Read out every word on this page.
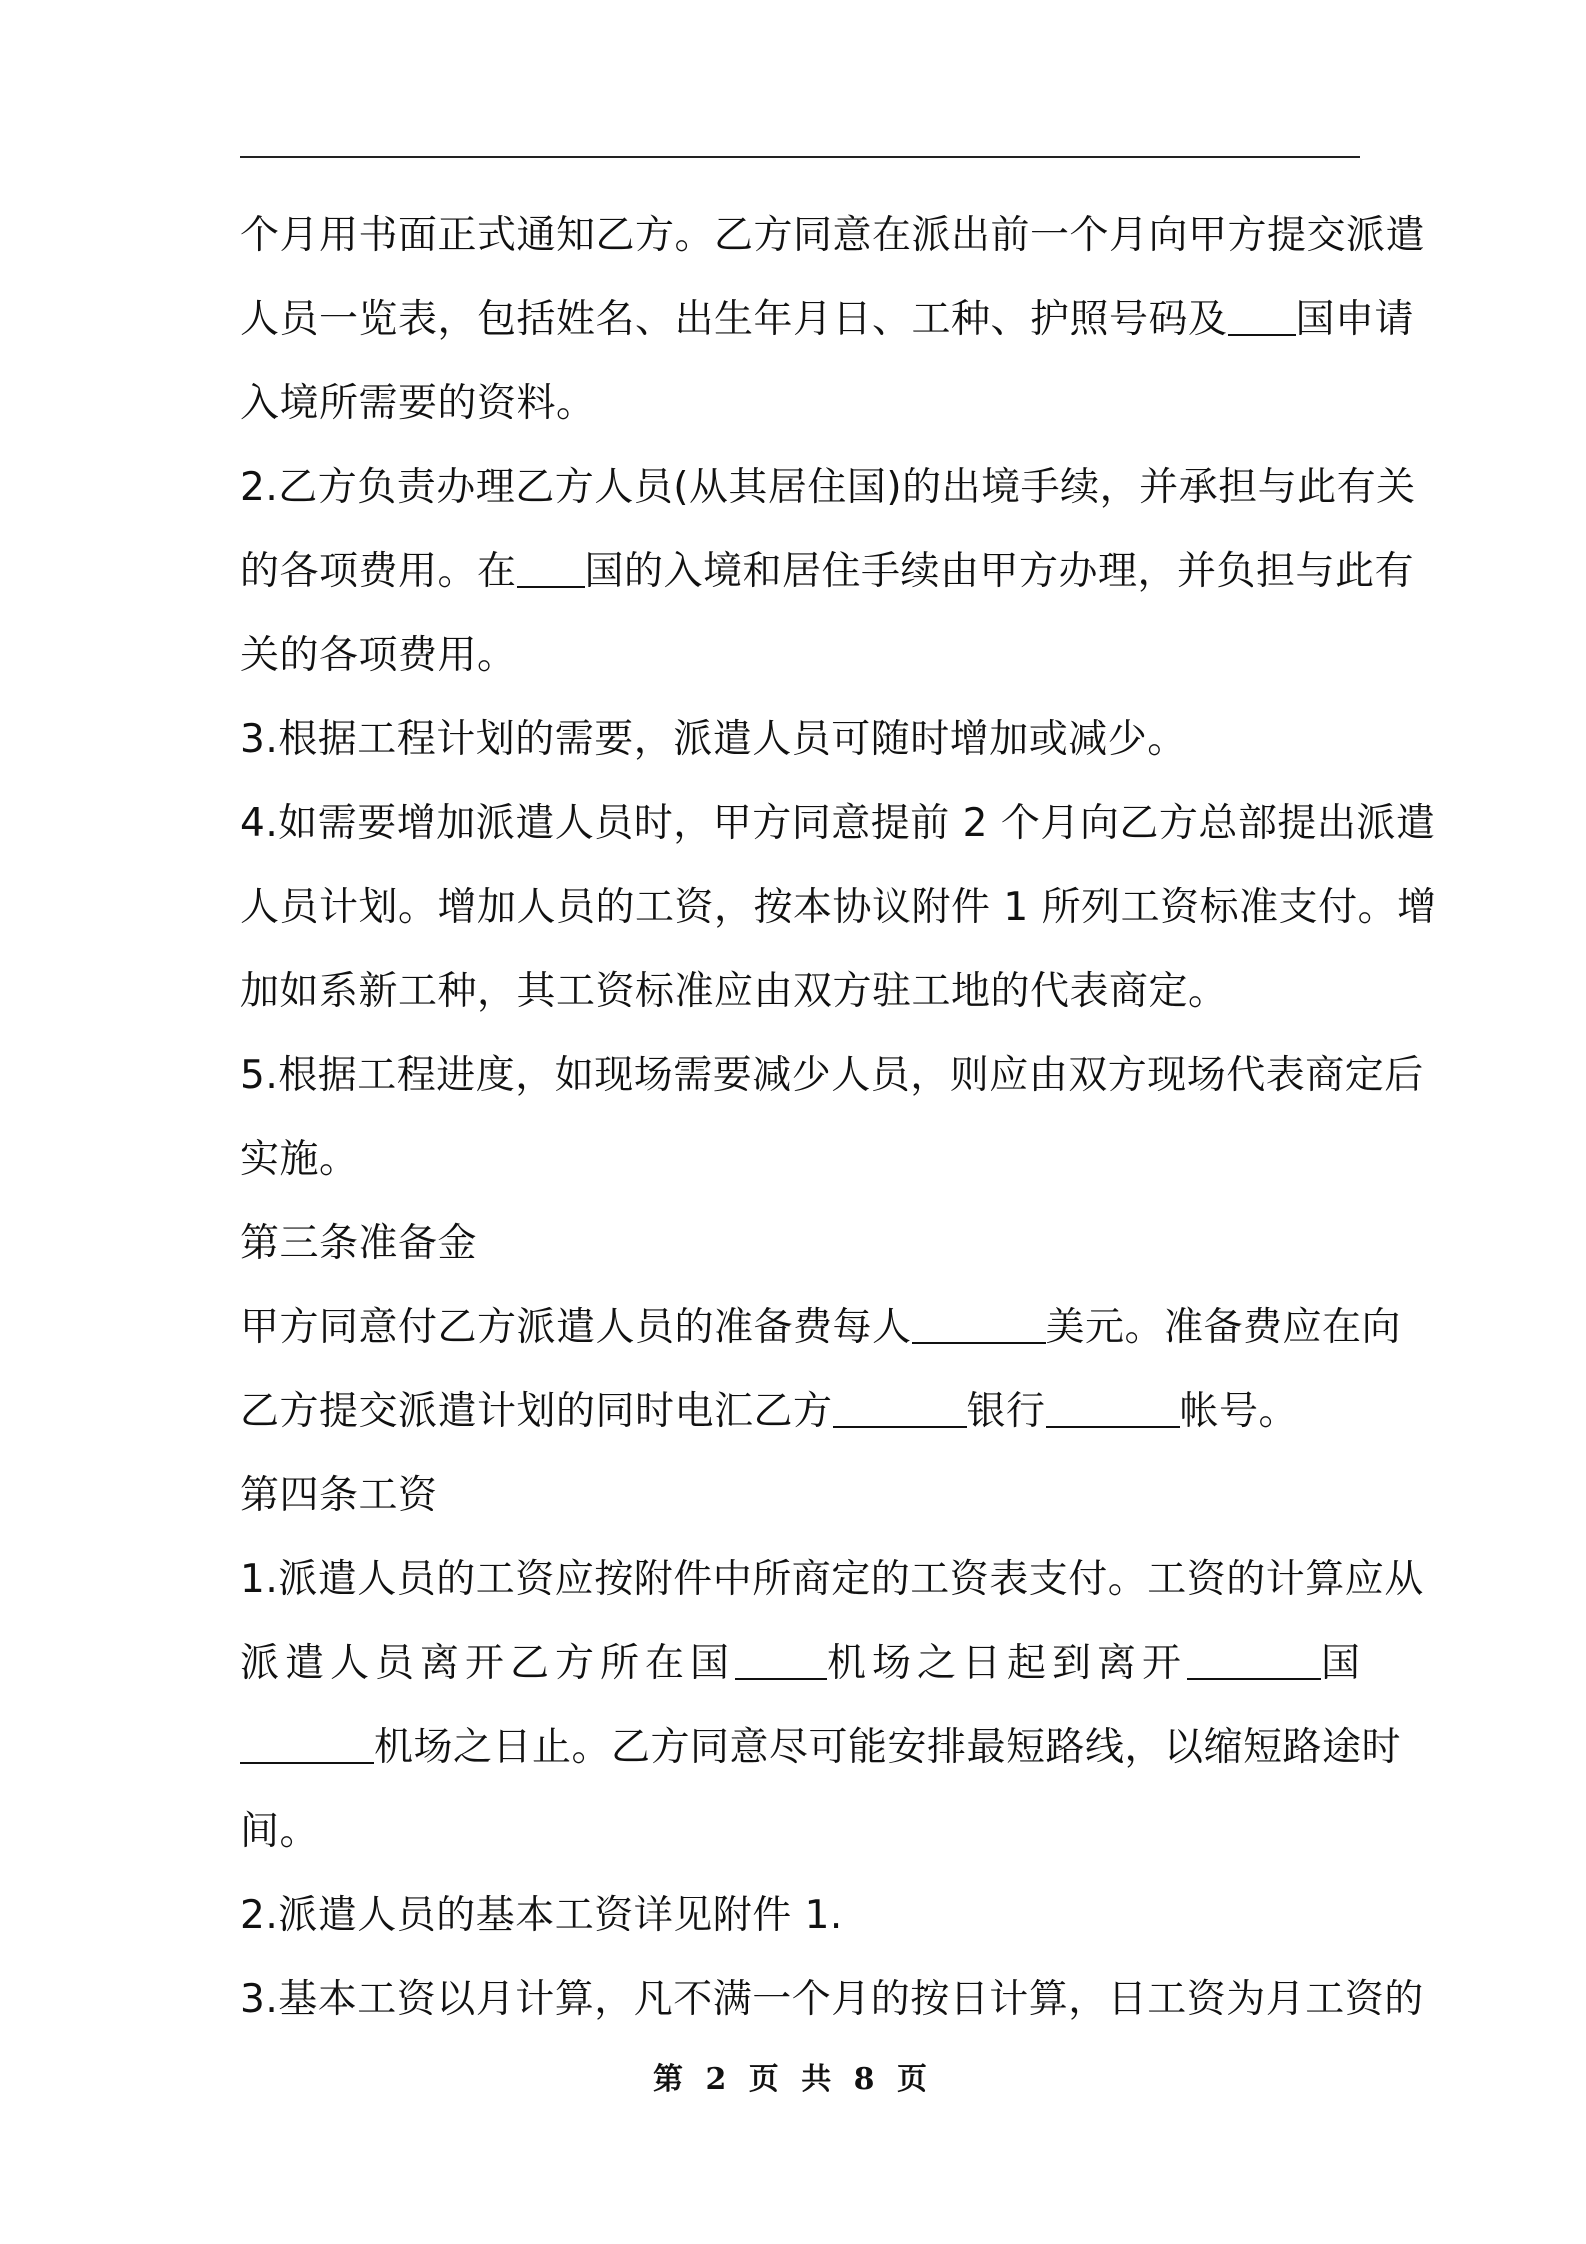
个月用书面正式通知乙方。乙方同意在派出前一个月向甲方提交派遣
人员一览表，包括姓名、出生年月日、工种、护照号码及 国申请
入境所需要的资料。
2.乙方负责办理乙方人员(从其居住国)的出境手续，并承担与此有关
的各项费用。在 国的入境和居住手续由甲方办理，并负担与此有
关的各项费用。
3.根据工程计划的需要，派遣人员可随时增加或减少。
4.如需要增加派遣人员时，甲方同意提前 2 个月向乙方总部提出派遣
人员计划。增加人员的工资，按本协议附件 1 所列工资标准支付。增
加如系新工种，其工资标准应由双方驻工地的代表商定。
5.根据工程进度，如现场需要减少人员，则应由双方现场代表商定后
实施。
第三条准备金
甲方同意付乙方派遣人员的准备费每人	美元。准备费应在向
乙方提交派遣计划的同时电汇乙方	银行	帐号。
第四条工资
1.派遣人员的工资应按附件中所商定的工资表支付。工资的计算应从
派遣人员离开乙方所在国 机场之日起到离开	国
机场之日止。乙方同意尽可能安排最短路线，以缩短路途时
间。
2.派遣人员的基本工资详见附件 1.
3.基本工资以月计算，凡不满一个月的按日计算，日工资为月工资的
第 2 页 共 8 页
